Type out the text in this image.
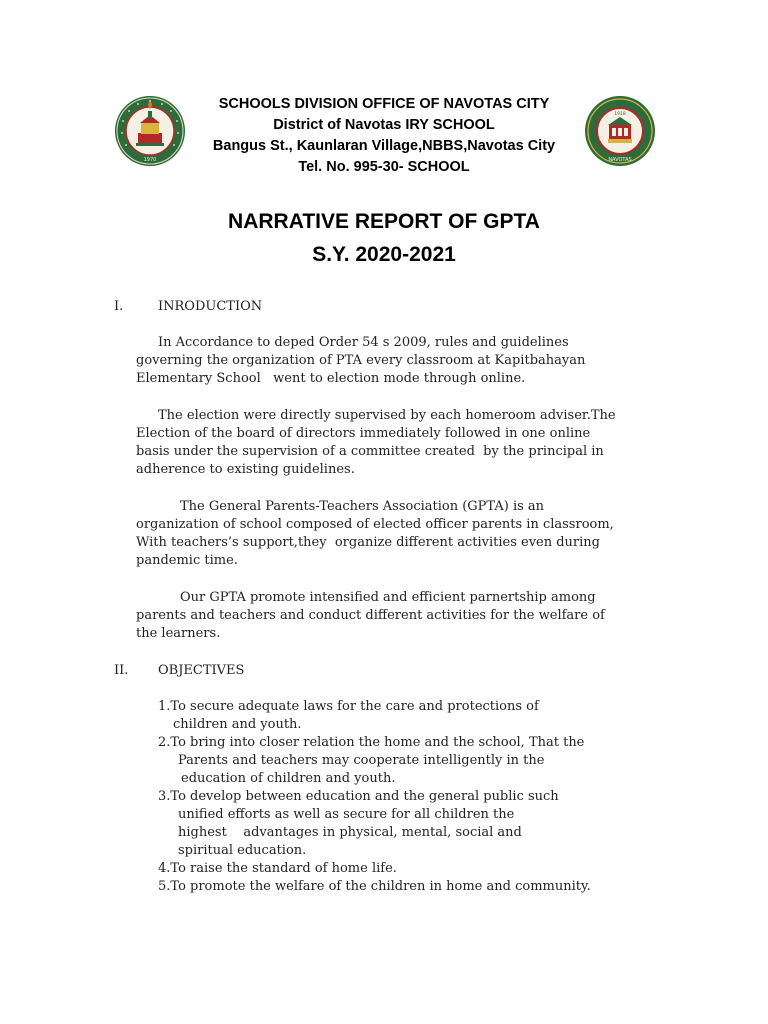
1970
1918
NAVOTAS
SCHOOLS DIVISION OFFICE OF NAVOTAS CITY
District of Navotas IRY SCHOOL
Bangus St., Kaunlaran Village,NBBS,Navotas City
Tel. No. 995-30- SCHOOL
NARRATIVE REPORT OF GPTA
S.Y. 2020-2021
I.	INRODUCTION
In Accordance to deped Order 54 s 2009, rules and guidelines
governing the organization of PTA every classroom at Kapitbahayan
Elementary School   went to election mode through online.
The election were directly supervised by each homeroom adviser.The
Election of the board of directors immediately followed in one online
basis under the supervision of a committee created  by the principal in
adherence to existing guidelines.
The General Parents-Teachers Association (GPTA) is an
organization of school composed of elected officer parents in classroom,
With teachers’s support,they  organize different activities even during
pandemic time.
Our GPTA promote intensified and efficient parnertship among
parents and teachers and conduct different activities for the welfare of
the learners.
II. OBJECTIVES
1.To secure adequate laws for the care and protections of
children and youth.
2.To bring into closer relation the home and the school, That the
Parents and teachers may cooperate intelligently in the
education of children and youth.
3.To develop between education and the general public such
unified efforts as well as secure for all children the
highest    advantages in physical, mental, social and
spiritual education.
4.To raise the standard of home life.
5.To promote the welfare of the children in home and community.
